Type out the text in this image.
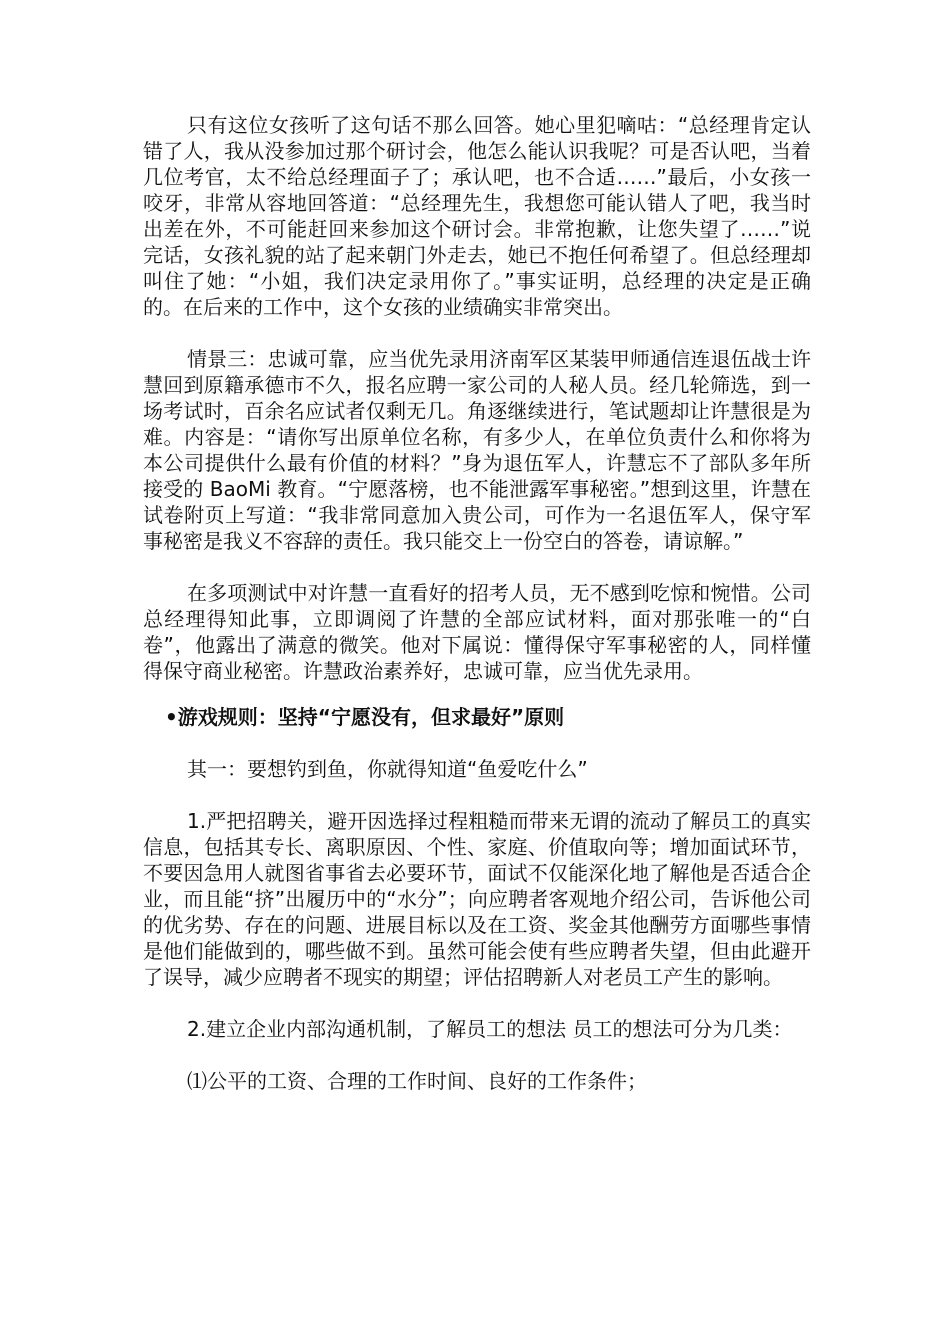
只有这位女孩听了这句话不那么回答。她心里犯嘀咕：“总经理肯定认错了人，我从没参加过那个研讨会，他怎么能认识我呢？可是否认吧，当着几位考官，太不给总经理面子了；承认吧，也不合适……”最后，小女孩一咬牙，非常从容地回答道：“总经理先生，我想您可能认错人了吧，我当时出差在外，不可能赶回来参加这个研讨会。非常抱歉，让您失望了……”说完话，女孩礼貌的站了起来朝门外走去，她已不抱任何希望了。但总经理却叫住了她：“小姐，我们决定录用你了。”事实证明，总经理的决定是正确的。在后来的工作中，这个女孩的业绩确实非常突出。

情景三：忠诚可靠，应当优先录用济南军区某装甲师通信连退伍战士许慧回到原籍承德市不久，报名应聘一家公司的人秘人员。经几轮筛选，到一场考试时，百余名应试者仅剩无几。角逐继续进行，笔试题却让许慧很是为难。内容是：“请你写出原单位名称，有多少人，在单位负责什么和你将为本公司提供什么最有价值的材料？”身为退伍军人，许慧忘不了部队多年所接受的 BaoMi 教育。“宁愿落榜，也不能泄露军事秘密。”想到这里，许慧在试卷附页上写道：“我非常同意加入贵公司，可作为一名退伍军人，保守军事秘密是我义不容辞的责任。我只能交上一份空白的答卷，请谅解。”

在多项测试中对许慧一直看好的招考人员，无不感到吃惊和惋惜。公司总经理得知此事，立即调阅了许慧的全部应试材料，面对那张唯一的“白卷”，他露出了满意的微笑。他对下属说：懂得保守军事秘密的人，同样懂得保守商业秘密。许慧政治素养好，忠诚可靠，应当优先录用。

•游戏规则：坚持“宁愿没有，但求最好”原则

其一：要想钓到鱼，你就得知道“鱼爱吃什么”

1.严把招聘关，避开因选择过程粗糙而带来无谓的流动了解员工的真实信息，包括其专长、离职原因、个性、家庭、价值取向等；增加面试环节，不要因急用人就图省事省去必要环节，面试不仅能深化地了解他是否适合企业，而且能“挤”出履历中的“水分”；向应聘者客观地介绍公司，告诉他公司的优劣势、存在的问题、进展目标以及在工资、奖金其他酬劳方面哪些事情是他们能做到的，哪些做不到。虽然可能会使有些应聘者失望，但由此避开了误导，减少应聘者不现实的期望；评估招聘新人对老员工产生的影响。

2.建立企业内部沟通机制，了解员工的想法 员工的想法可分为几类：

⑴公平的工资、合理的工作时间、良好的工作条件；
